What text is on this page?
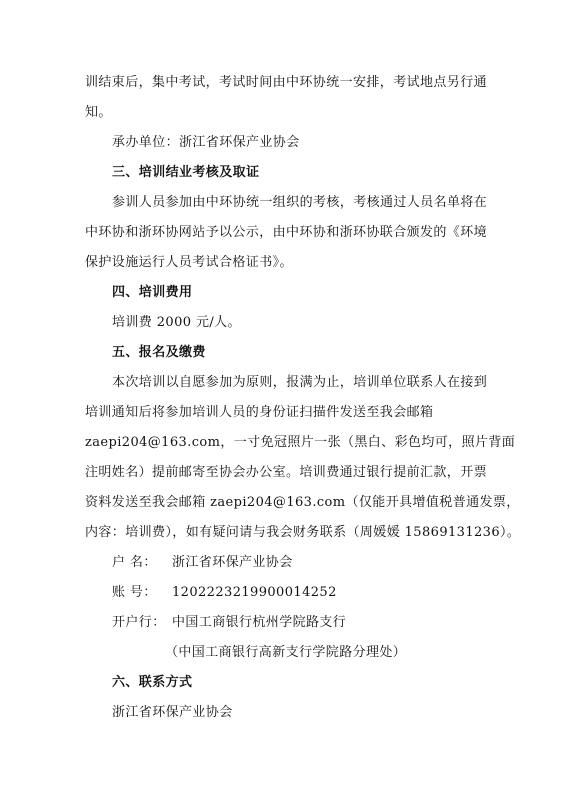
训结束后，集中考试，考试时间由中环协统一安排，考试地点另行通
知。
承办单位：浙江省环保产业协会
三、培训结业考核及取证
参训人员参加由中环协统一组织的考核，考核通过人员名单将在
中环协和浙环协网站予以公示，由中环协和浙环协联合颁发的《环境
保护设施运行人员考试合格证书》。
四、培训费用
培训费 2000 元/人。
五、报名及缴费
本次培训以自愿参加为原则，报满为止，培训单位联系人在接到
培训通知后将参加培训人员的身份证扫描件发送至我会邮箱
zaepi204@163.com，一寸免冠照片一张（黑白、彩色均可，照片背面
注明姓名）提前邮寄至协会办公室。培训费通过银行提前汇款，开票
资料发送至我会邮箱 zaepi204@163.com（仅能开具增值税普通发票，
内容：培训费），如有疑问请与我会财务联系（周媛媛 15869131236）。
户 名： 浙江省环保产业协会
账 号： 1202223219900014252
开户行： 中国工商银行杭州学院路支行
（中国工商银行高新支行学院路分理处）
六、联系方式
浙江省环保产业协会
